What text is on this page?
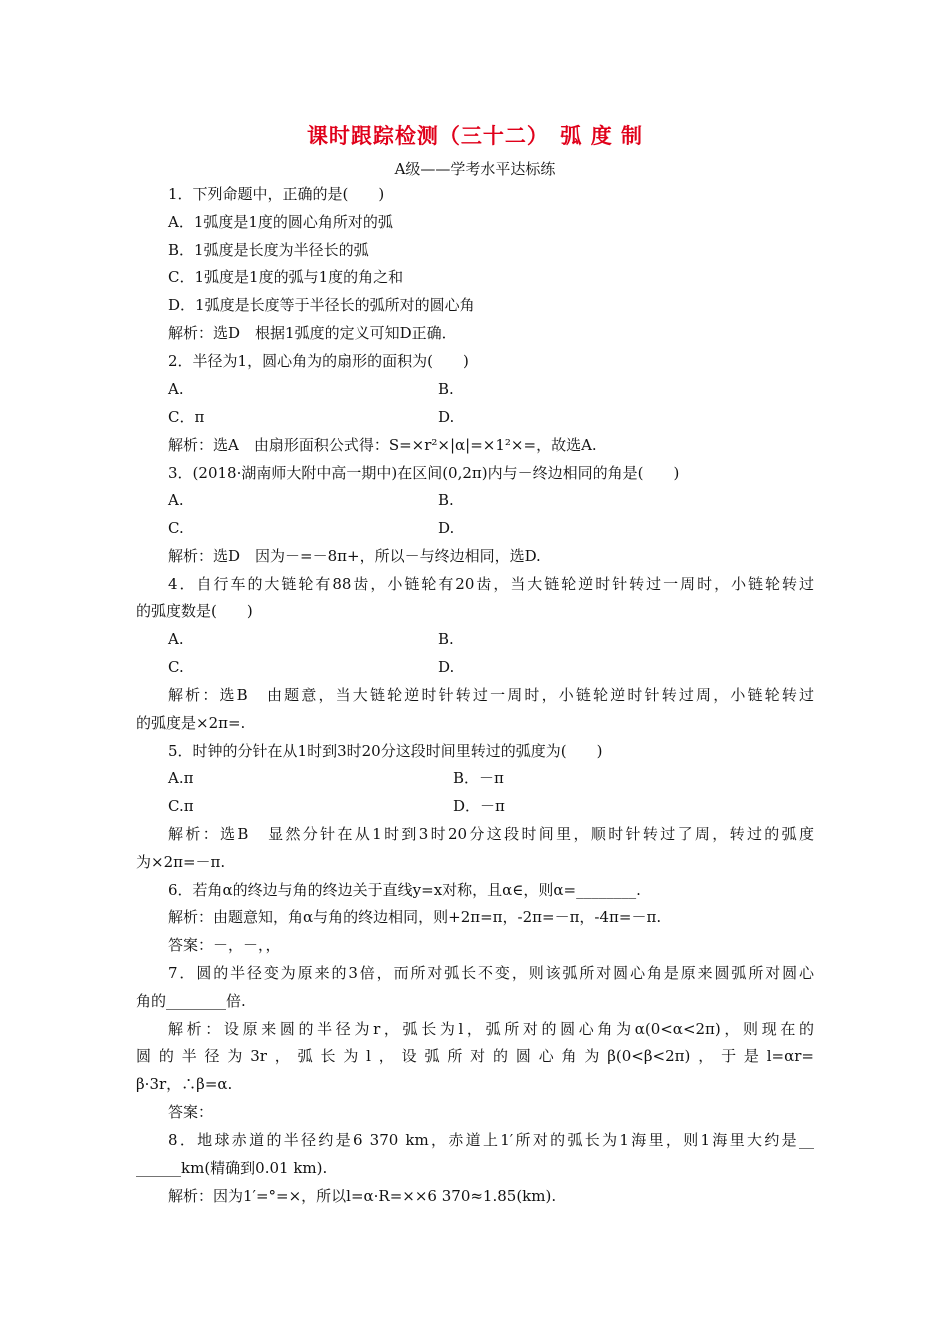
课时跟踪检测（三十二）　弧 度 制
A级——学考水平达标练
1．下列命题中，正确的是(　　)
A．1弧度是1度的圆心角所对的弧
B．1弧度是长度为半径长的弧
C．1弧度是1度的弧与1度的角之和
D．1弧度是长度等于半径长的弧所对的圆心角
解析：选D　根据1弧度的定义可知D正确．
2．半径为1，圆心角为的扇形的面积为(　　)
A.	B.
C．π	D.
解析：选A　由扇形面积公式得：S=×r²×|α|=×1²×=，故选A.
3．(2018·湖南师大附中高一期中)在区间(0,2π)内与－终边相同的角是(　　)
A.	B.
C.	D.
解析：选D　因为－=－8π+，所以－与终边相同，选D.
4．自行车的大链轮有88齿，小链轮有20齿，当大链轮逆时针转过一周时，小链轮转过
的弧度数是(　　)
A.	B.
C.	D.
解析：选B　由题意，当大链轮逆时针转过一周时，小链轮逆时针转过周，小链轮转过
的弧度是×2π=.
5．时钟的分针在从1时到3时20分这段时间里转过的弧度为(　　)
A.π	B．－π
C.π	D．－π
解析：选B　显然分针在从1时到3时20分这段时间里，顺时针转过了周，转过的弧度
为×2π=－π.
6．若角α的终边与角的终边关于直线y=x对称，且α∈，则α=________.
解析：由题意知，角α与角的终边相同，则+2π=π，-2π=－π，-4π=－π.
答案：－，－，，
7．圆的半径变为原来的3倍，而所对弧长不变，则该弧所对圆心角是原来圆弧所对圆心
角的________倍.
解析：设原来圆的半径为r，弧长为l，弧所对的圆心角为α(0<α<2π)，则现在的
圆的半径为3r，弧长为l，设弧所对的圆心角为β(0<β<2π)，于是l=αr=
β·3r，∴β=α.
答案：
8．地球赤道的半径约是6 370 km，赤道上1′所对的弧长为1海里，则1海里大约是__
______km(精确到0.01 km).
解析：因为1′=°=×，所以l=α·R=××6 370≈1.85(km).
